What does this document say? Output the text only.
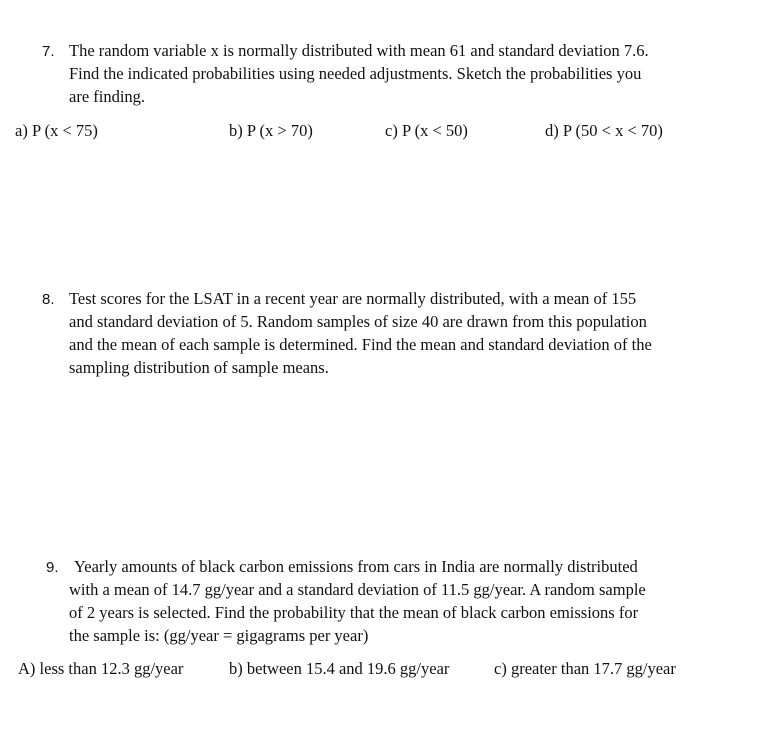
7. The random variable x is normally distributed with mean 61 and standard deviation 7.6.
Find the indicated probabilities using needed adjustments. Sketch the probabilities you
are finding.
a) P (x < 75)	b) P (x > 70)	c) P (x < 50)	d) P (50 < x < 70)
8. Test scores for the LSAT in a recent year are normally distributed, with a mean of 155
and standard deviation of 5. Random samples of size 40 are drawn from this population
and the mean of each sample is determined. Find the mean and standard deviation of the
sampling distribution of sample means.
9. Yearly amounts of black carbon emissions from cars in India are normally distributed
with a mean of 14.7 gg/year and a standard deviation of 11.5 gg/year. A random sample
of 2 years is selected. Find the probability that the mean of black carbon emissions for
the sample is: (gg/year = gigagrams per year)
A) less than 12.3 gg/year	b) between 15.4 and 19.6 gg/year	c) greater than 17.7 gg/year
